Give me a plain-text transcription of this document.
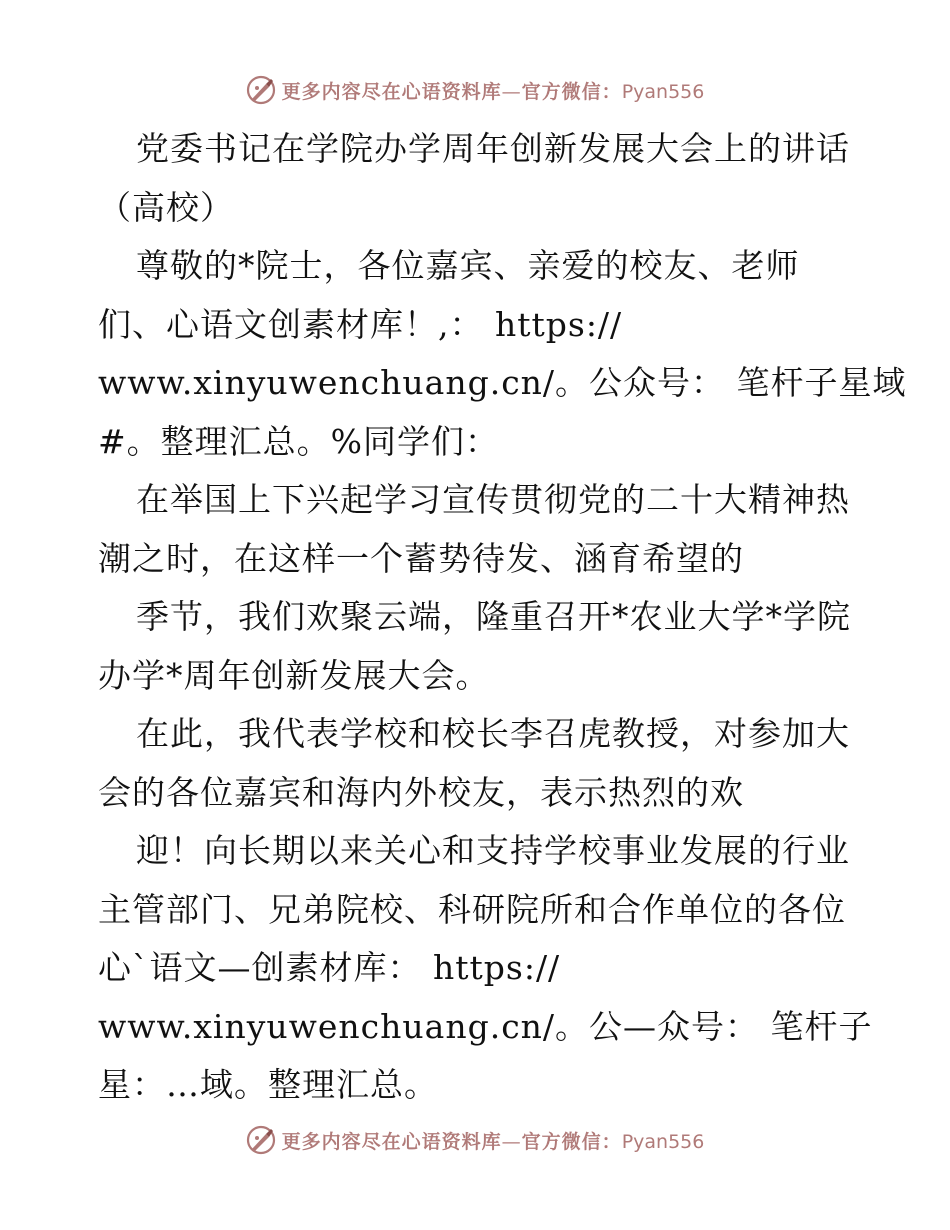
更多内容尽在心语资料库—官方微信：Pyan556
党委书记在学院办学周年创新发展大会上的讲话
（高校）
尊敬的*院士，各位嘉宾、亲爱的校友、老师
们、心语文创素材库！,： https://
www.xinyuwenchuang.cn/。公众号： 笔杆子星域
#。整理汇总。%同学们：
在举国上下兴起学习宣传贯彻党的二十大精神热
潮之时，在这样一个蓄势待发、涵育希望的
季节，我们欢聚云端，隆重召开*农业大学*学院
办学*周年创新发展大会。
在此，我代表学校和校长李召虎教授，对参加大
会的各位嘉宾和海内外校友，表示热烈的欢
迎！向长期以来关心和支持学校事业发展的行业
主管部门、兄弟院校、科研院所和合作单位的各位
心`语文—创素材库： https://
www.xinyuwenchuang.cn/。公—众号： 笔杆子
星：…域。整理汇总。
更多内容尽在心语资料库—官方微信：Pyan556
